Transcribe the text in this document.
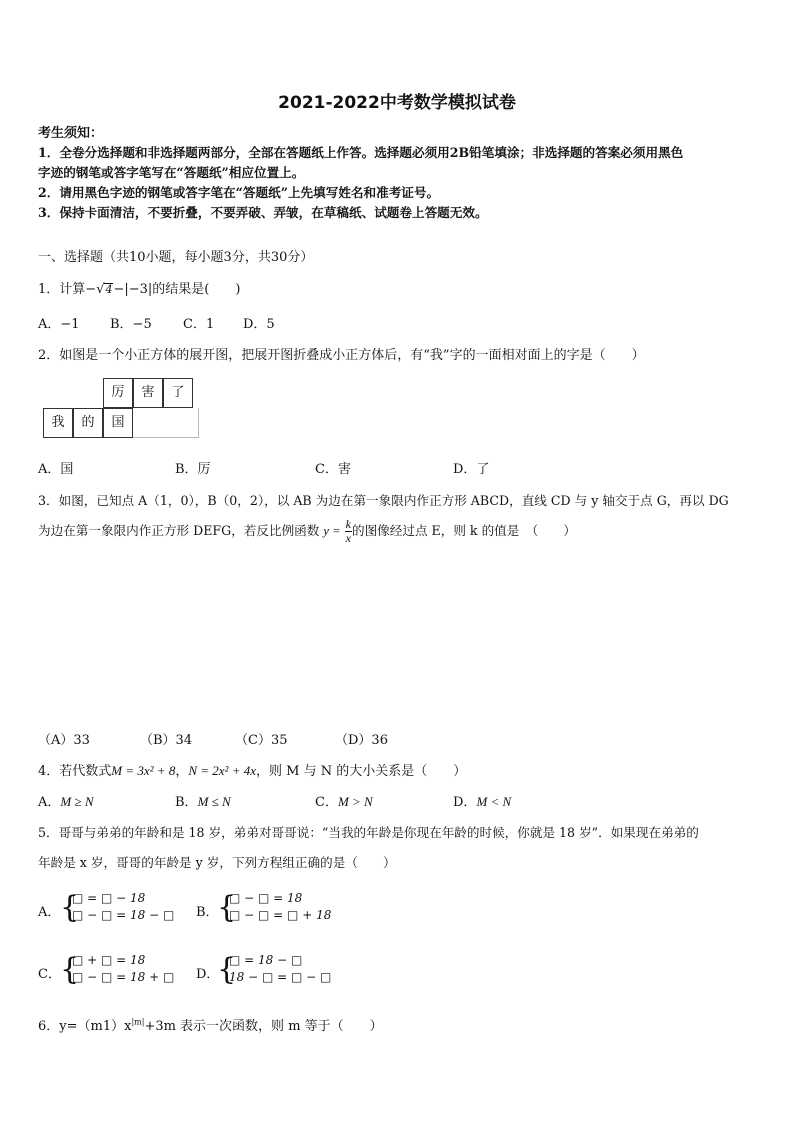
2021-2022中考数学模拟试卷
考生须知：
1．全卷分选择题和非选择题两部分，全部在答题纸上作答。选择题必须用2B铅笔填涂；非选择题的答案必须用黑色
字迹的钢笔或答字笔写在“答题纸”相应位置上。
2．请用黑色字迹的钢笔或答字笔在“答题纸”上先填写姓名和准考证号。
3．保持卡面清洁，不要折叠，不要弄破、弄皱，在草稿纸、试题卷上答题无效。
一、选择题（共10小题，每小题3分，共30分）
1．计算−√4−|−3|的结果是(　　)
A．−1 B．−5 C．1 D．5
2．如图是一个小正方体的展开图，把展开图折叠成小正方体后，有“我”字的一面相对面上的字是（　　）
厉	害	了
我	的	国
A．国	B．厉	C．害	D．了
3．如图，已知点 A（1，0），B（0，2），以 AB 为边在第一象限内作正方形 ABCD，直线 CD 与 y 轴交于点 G，再以 DG
为边在第一象限内作正方形 DEFG，若反比例函数 $y = \frac{k}{x}$ 的图像经过点 E，则 k 的值是　（　　）
（A）33	（B）34	（C）35	（D）36
4．若代数式M = 3x² + 8，N = 2x² + 4x，则 M 与 N 的大小关系是（　　）
A．M ≥ N	B．M ≤ N	C．M > N	D．M < N
5．哥哥与弟弟的年龄和是 18 岁，弟弟对哥哥说：“当我的年龄是你现在年龄的时候，你就是 18 岁”．如果现在弟弟的
年龄是 x 岁，哥哥的年龄是 y 岁，下列方程组正确的是（　　）
A． {
□ = □ − 18
□ − □ = 18 − □ B．
{
□ − □ = 18
□ − □ = □ + 18
C． {
□ + □ = 18
□ − □ = 18 + □ D．
{
□ = 18 − □
18 − □ = □ − □
6．$y=(m1)x^{|m|}+3m$ 表示一次函数，则 m 等于（　　）
